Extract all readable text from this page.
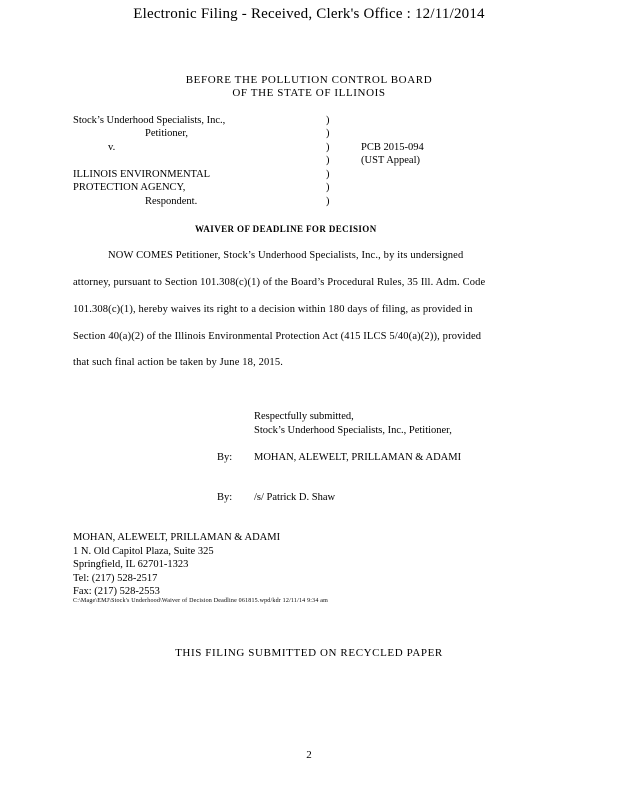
Electronic Filing - Received, Clerk's Office : 12/11/2014
BEFORE THE POLLUTION CONTROL BOARD
OF THE STATE OF ILLINOIS
Stock’s Underhood Specialists, Inc.,
Petitioner,
v.
ILLINOIS ENVIRONMENTAL
PROTECTION AGENCY,
Respondent.
)
)
)
)
)
)
)
PCB 2015-094
(UST Appeal)
WAIVER OF DEADLINE FOR DECISION
NOW COMES Petitioner, Stock’s Underhood Specialists, Inc., by its undersigned
attorney, pursuant to Section 101.308(c)(1) of the Board’s Procedural Rules, 35 Ill. Adm. Code
101.308(c)(1), hereby waives its right to a decision within 180 days of filing, as provided in
Section 40(a)(2) of the Illinois Environmental Protection Act (415 ILCS 5/40(a)(2)), provided
that such final action be taken by June 18, 2015.
Respectfully submitted,
Stock’s Underhood Specialists, Inc., Petitioner,
By: MOHAN, ALEWELT, PRILLAMAN & ADAMI
By: /s/ Patrick D. Shaw
MOHAN, ALEWELT, PRILLAMAN & ADAMI
1 N. Old Capitol Plaza, Suite 325
Springfield, IL 62701-1323
Tel: (217) 528-2517
Fax: (217) 528-2553
C:\Mage\EMJ\Stock's Underhood\Waiver of Decision Deadline 061815.wpd/kdr 12/11/14 9:34 am
THIS FILING SUBMITTED ON RECYCLED PAPER
2
